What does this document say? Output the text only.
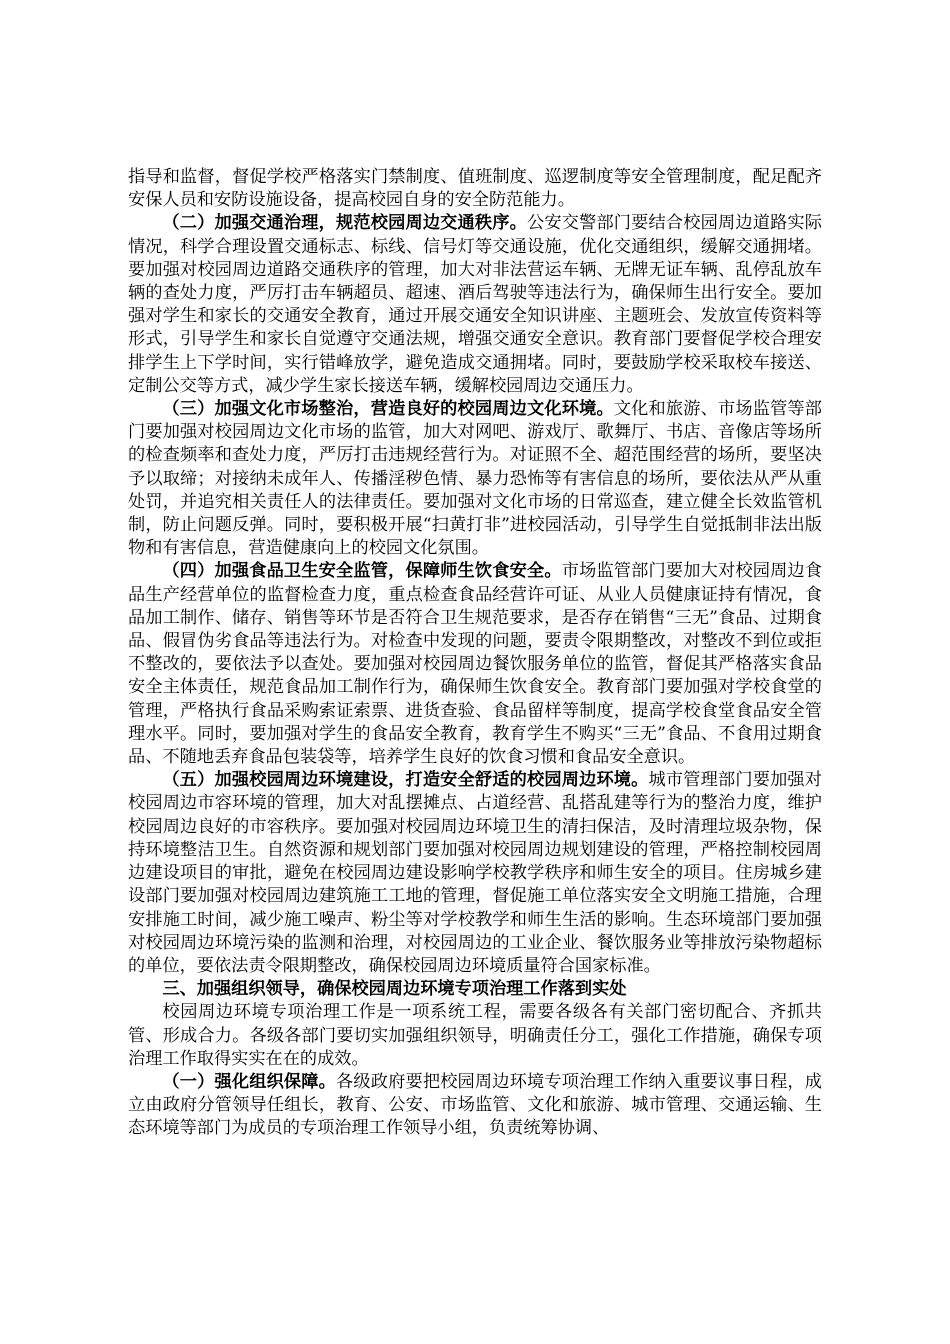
指导和监督，督促学校严格落实门禁制度、值班制度、巡逻制度等安全管理制度，配足配齐安保人员和安防设施设备，提高校园自身的安全防范能力。

（二）加强交通治理，规范校园周边交通秩序。公安交警部门要结合校园周边道路实际情况，科学合理设置交通标志、标线、信号灯等交通设施，优化交通组织，缓解交通拥堵。要加强对校园周边道路交通秩序的管理，加大对非法营运车辆、无牌无证车辆、乱停乱放车辆的查处力度，严厉打击车辆超员、超速、酒后驾驶等违法行为，确保师生出行安全。要加强对学生和家长的交通安全教育，通过开展交通安全知识讲座、主题班会、发放宣传资料等形式，引导学生和家长自觉遵守交通法规，增强交通安全意识。教育部门要督促学校合理安排学生上下学时间，实行错峰放学，避免造成交通拥堵。同时，要鼓励学校采取校车接送、定制公交等方式，减少学生家长接送车辆，缓解校园周边交通压力。

（三）加强文化市场整治，营造良好的校园周边文化环境。文化和旅游、市场监管等部门要加强对校园周边文化市场的监管，加大对网吧、游戏厅、歌舞厅、书店、音像店等场所的检查频率和查处力度，严厉打击违规经营行为。对证照不全、超范围经营的场所，要坚决予以取缔；对接纳未成年人、传播淫秽色情、暴力恐怖等有害信息的场所，要依法从严从重处罚，并追究相关责任人的法律责任。要加强对文化市场的日常巡查，建立健全长效监管机制，防止问题反弹。同时，要积极开展“扫黄打非”进校园活动，引导学生自觉抵制非法出版物和有害信息，营造健康向上的校园文化氛围。

（四）加强食品卫生安全监管，保障师生饮食安全。市场监管部门要加大对校园周边食品生产经营单位的监督检查力度，重点检查食品经营许可证、从业人员健康证持有情况，食品加工制作、储存、销售等环节是否符合卫生规范要求，是否存在销售“三无”食品、过期食品、假冒伪劣食品等违法行为。对检查中发现的问题，要责令限期整改，对整改不到位或拒不整改的，要依法予以查处。要加强对校园周边餐饮服务单位的监管，督促其严格落实食品安全主体责任，规范食品加工制作行为，确保师生饮食安全。教育部门要加强对学校食堂的管理，严格执行食品采购索证索票、进货查验、食品留样等制度，提高学校食堂食品安全管理水平。同时，要加强对学生的食品安全教育，教育学生不购买“三无”食品、不食用过期食品、不随地丢弃食品包装袋等，培养学生良好的饮食习惯和食品安全意识。

（五）加强校园周边环境建设，打造安全舒适的校园周边环境。城市管理部门要加强对校园周边市容环境的管理，加大对乱摆摊点、占道经营、乱搭乱建等行为的整治力度，维护校园周边良好的市容秩序。要加强对校园周边环境卫生的清扫保洁，及时清理垃圾杂物，保持环境整洁卫生。自然资源和规划部门要加强对校园周边规划建设的管理，严格控制校园周边建设项目的审批，避免在校园周边建设影响学校教学秩序和师生安全的项目。住房城乡建设部门要加强对校园周边建筑施工工地的管理，督促施工单位落实安全文明施工措施，合理安排施工时间，减少施工噪声、粉尘等对学校教学和师生生活的影响。生态环境部门要加强对校园周边环境污染的监测和治理，对校园周边的工业企业、餐饮服务业等排放污染物超标的单位，要依法责令限期整改，确保校园周边环境质量符合国家标准。

三、加强组织领导，确保校园周边环境专项治理工作落到实处

校园周边环境专项治理工作是一项系统工程，需要各级各有关部门密切配合、齐抓共管、形成合力。各级各部门要切实加强组织领导，明确责任分工，强化工作措施，确保专项治理工作取得实实在在的成效。

（一）强化组织保障。各级政府要把校园周边环境专项治理工作纳入重要议事日程，成立由政府分管领导任组长，教育、公安、市场监管、文化和旅游、城市管理、交通运输、生态环境等部门为成员的专项治理工作领导小组，负责统筹协调、
